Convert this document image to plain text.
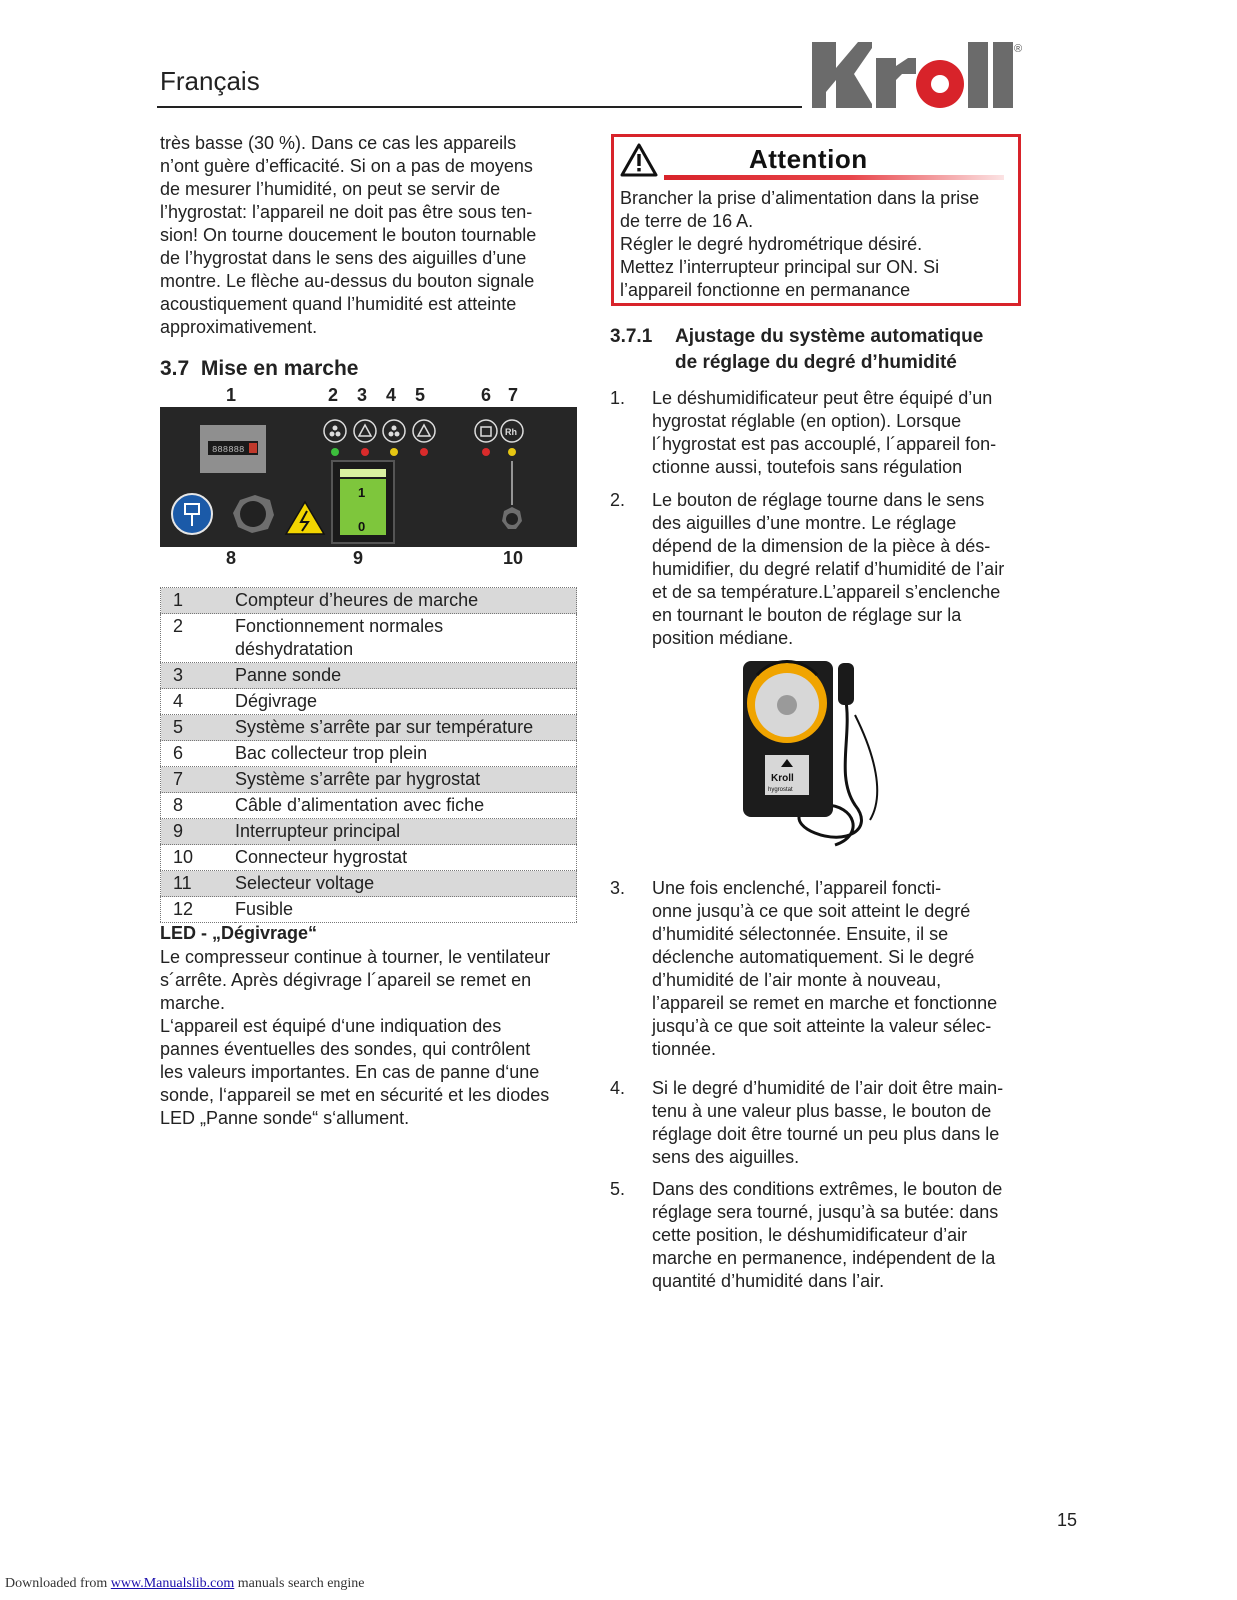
Français
®
très basse (30 %). Dans ce cas les appareils
n’ont guère d’efficacité. Si on a pas de moyens
de mesurer l’humidité, on peut se servir de
l’hygrostat: l’appareil ne doit pas être sous ten-
sion! On tourne doucement le bouton tournable
de l’hygrostat dans le sens des aiguilles d’une
montre. Le flèche au-dessus du bouton signale
acoustiquement quand l’humidité est atteinte
approximativement.
3.7 Mise en marche
1	2 3 4 5	6 7
888888
Rh
1
0
8	9	10
1	Compteur d’heures de marche
2	Fonctionnement normales
déshydratation

3	Panne sonde
4	Dégivrage
5	Système s’arrête par sur température
6	Bac collecteur trop plein
7	Système s’arrête par hygrostat
8	Câble d’alimentation avec fiche
9	Interrupteur principal
10	Connecteur hygrostat
11	Selecteur voltage
12	Fusible
LED - „Dégivrage“
Le compresseur continue à tourner, le ventilateur
s´arrête. Après dégivrage l´apareil se remet en
marche.
L‘appareil est équipé d‘une indiquation des
pannes éventuelles des sondes, qui contrôlent
les valeurs importantes. En cas de panne d‘une
sonde, l‘appareil se met en sécurité et les diodes
LED „Panne sonde“ s‘allument.
Attention
Brancher la prise d’alimentation dans la prise
de terre de 16 A.
Régler le degré hydrométrique désiré.
Mettez l’interrupteur principal sur ON. Si
l’appareil fonctionne en permanance
3.7.1 Ajustage du système automatique
de réglage du degré d’humidité
1. Le déshumidificateur peut être équipé d’un
hygrostat réglable (en option). Lorsque
l´hygrostat est pas accouplé, l´appareil fon-
ctionne aussi, toutefois sans régulation
2. Le bouton de réglage tourne dans le sens
des aiguilles d’une montre. Le réglage
dépend de la dimension de la pièce à dés-
humidifier, du degré relatif d’humidité de l’air
et de sa température.L’appareil s’enclenche
en tournant le bouton de réglage sur la
position médiane.
Kroll
hygrostat
3. Une fois enclenché, l’appareil foncti-
onne jusqu’à ce que soit atteint le degré
d’humidité sélectonnée. Ensuite, il se
déclenche automatiquement. Si le degré
d’humidité de l’air monte à nouveau,
l’appareil se remet en marche et fonctionne
jusqu’à ce que soit atteinte la valeur sélec-
tionnée.
4. Si le degré d’humidité de l’air doit être main-
tenu à une valeur plus basse, le bouton de
réglage doit être tourné un peu plus dans le
sens des aiguilles.
5. Dans des conditions extrêmes, le bouton de
réglage sera tourné, jusqu’à sa butée: dans
cette position, le déshumidificateur d’air
marche en permanence, indépendent de la
quantité d’humidité dans l’air.
15
Downloaded from www.Manualslib.com manuals search engine
